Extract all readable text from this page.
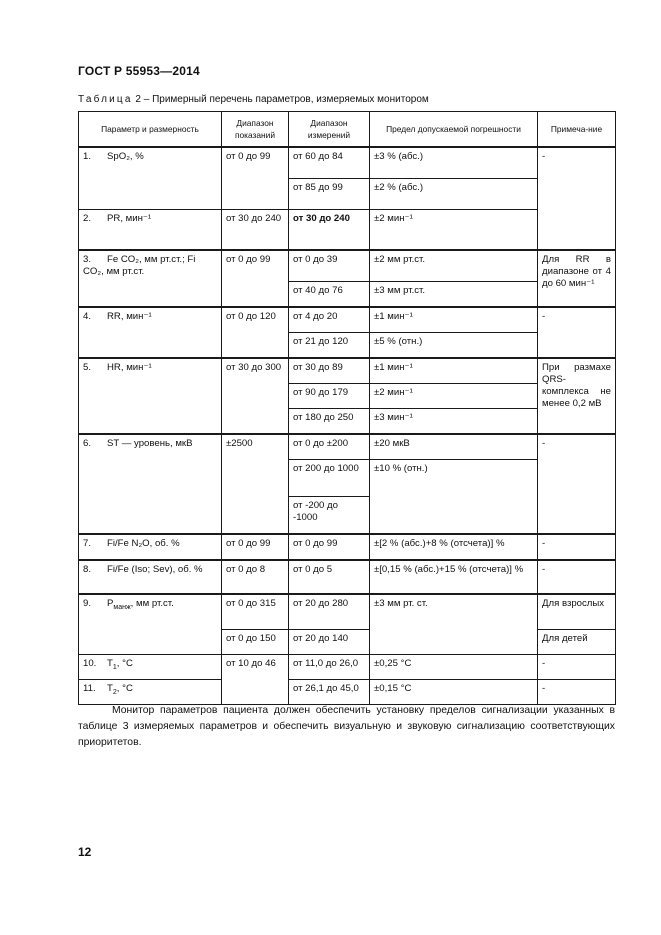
ГОСТ Р 55953—2014
Таблица 2 – Примерный перечень параметров, измеряемых монитором
Параметр и размерность	Диапазон показаний	Диапазон измерений	Предел допускаемой погрешности	Примеча-ние
1. SpO₂, %	от 0 до 99	от 60 до 84	±3 % (абс.)	-
		от 85 до 99	±2 % (абс.)	
2. PR, мин⁻¹	от 30 до 240	от 30 до 240	±2 мин⁻¹	
3. Fe CO₂, мм рт.ст.; Fi CO₂, мм рт.ст.	от 0 до 99	от 0 до 39	±2 мм рт.ст.	Для RR в диапазоне от 4 до 60 мин⁻¹
		от 40 до 76	±3 мм рт.ст.	
4. RR, мин⁻¹	от 0 до 120	от 4 до 20	±1 мин⁻¹	-
		от 21 до 120	±5 % (отн.)	
5. HR, мин⁻¹	от 30 до 300	от 30 до 89	±1 мин⁻¹	При размахе QRS-комплекса не менее 0,2 мВ
		от 90 до 179	±2 мин⁻¹	
		от 180 до 250	±3 мин⁻¹	
6. ST — уровень, мкВ	±2500	от 0 до ±200	±20 мкВ	-
		от 200 до 1000	±10 % (отн.)	
		от -200 до -1000		
7. Fi/Fe N₂O, об. %	от 0 до 99	от 0 до 99	±[2 % (абс.)+8 % (отсчета)] %	-
8. Fi/Fe (Iso; Sev), об. %	от 0 до 8	от 0 до 5	±[0,15 % (абс.)+15 % (отсчета)] %	-
9. $P_{манж}$, мм рт.ст.	от 0 до 315	от 20 до 280	±3 мм рт. ст.	Для взрослых
	от 0 до 150	от 20 до 140		Для детей
10. $T_1$, °C	от 10 до 46	от 11,0 до 26,0	±0,25 °C	-
11. $T_2$, °C		от 26,1 до 45,0	±0,15 °C	-
Монитор параметров пациента должен обеспечить установку пределов сигнализации указанных в таблице 3 измеряемых параметров и обеспечить визуальную и звуковую сигнализацию соответствующих приоритетов.
12
